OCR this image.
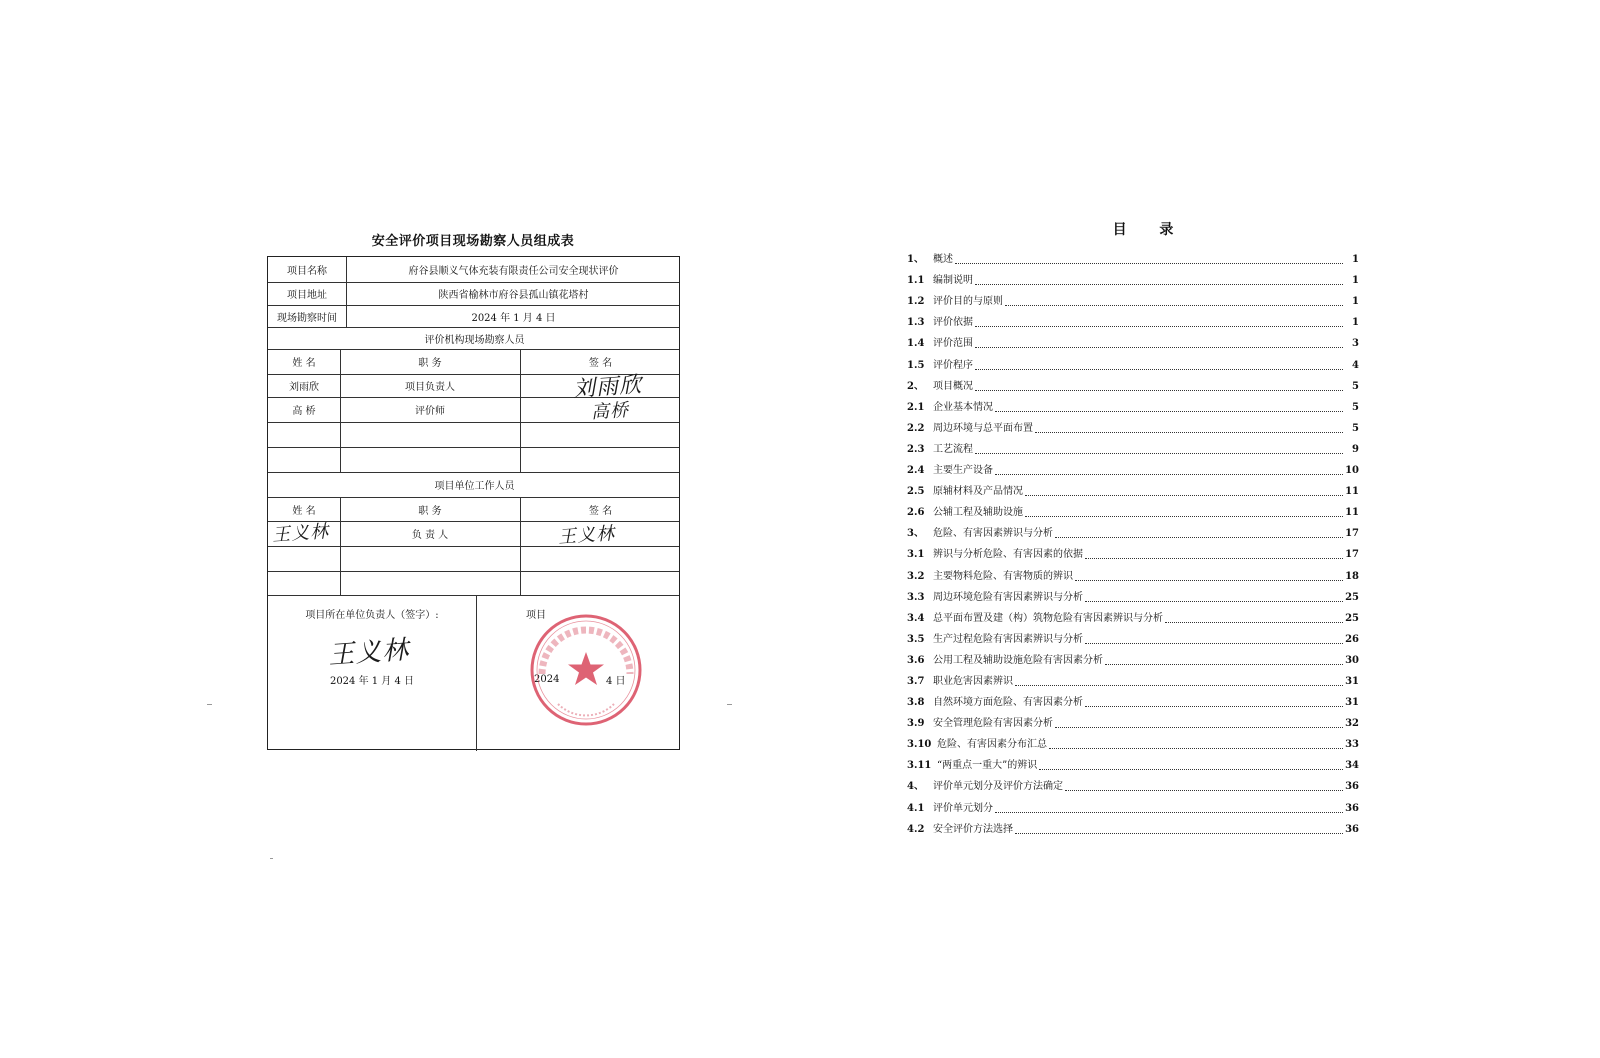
安全评价项目现场勘察人员组成表
项目名称	府谷县顺义气体充装有限责任公司安全现状评价
项目地址	陕西省榆林市府谷县孤山镇花塔村
现场勘察时间	2024 年 1 月 4 日
评价机构现场勘察人员
姓 名	职 务	签 名
刘雨欣	项目负责人	刘雨欣
高 桥	评价师	高桥
项目单位工作人员
姓 名	职 务	签 名
王义林	负 责 人	王义林
项目所在单位负责人（签字）:
王义林
2024 年 1 月 4 日
项目
2024	4 日
目 录
1、 概述	1
1.1 编制说明	1
1.2 评价目的与原则	1
1.3 评价依据	1
1.4 评价范围	3
1.5 评价程序	4
2、 项目概况	5
2.1 企业基本情况	5
2.2 周边环境与总平面布置	5
2.3 工艺流程	9
2.4 主要生产设备	10
2.5 原辅材料及产品情况	11
2.6 公辅工程及辅助设施	11
3、 危险、有害因素辨识与分析	17
3.1 辨识与分析危险、有害因素的依据	17
3.2 主要物料危险、有害物质的辨识	18
3.3 周边环境危险有害因素辨识与分析	25
3.4 总平面布置及建（构）筑物危险有害因素辨识与分析	25
3.5 生产过程危险有害因素辨识与分析	26
3.6 公用工程及辅助设施危险有害因素分析	30
3.7 职业危害因素辨识	31
3.8 自然环境方面危险、有害因素分析	31
3.9 安全管理危险有害因素分析	32
3.10 危险、有害因素分布汇总	33
3.11 “两重点一重大”的辨识	34
4、 评价单元划分及评价方法确定	36
4.1 评价单元划分	36
4.2 安全评价方法选择	36
